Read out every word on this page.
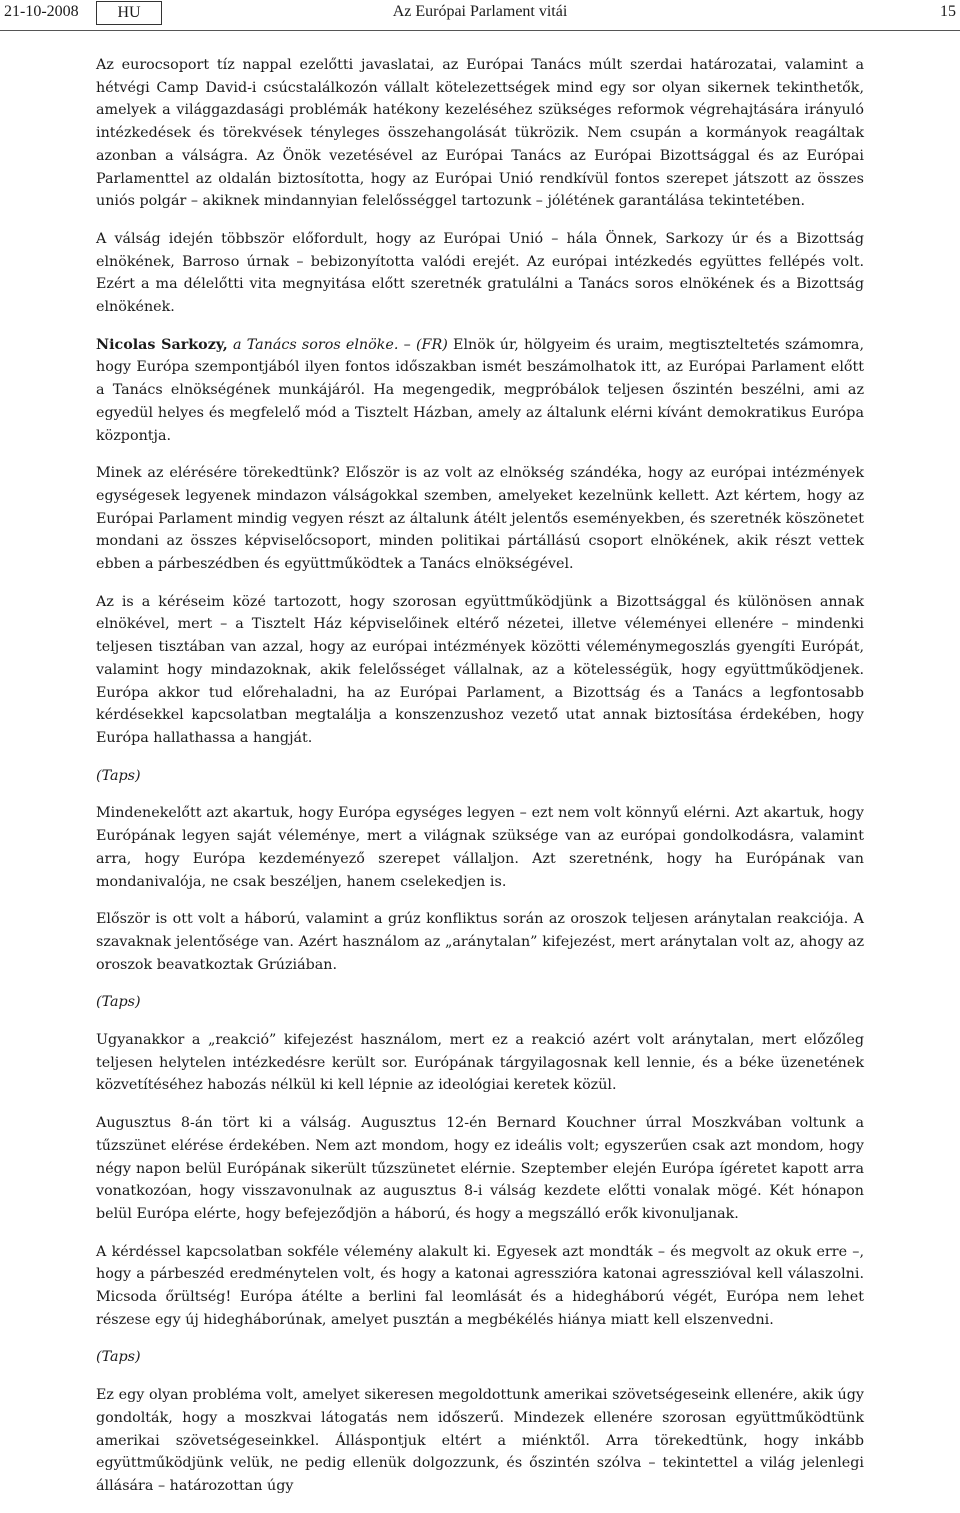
21-10-2008	HU	Az Európai Parlament vitái	15

Az eurocsoport tíz nappal ezelőtti javaslatai, az Európai Tanács múlt szerdai határozatai, valamint a hétvégi Camp David-i csúcstalálkozón vállalt kötelezettségek mind egy sor olyan sikernek tekinthetők, amelyek a világgazdasági problémák hatékony kezeléséhez szükséges reformok végrehajtására irányuló intézkedések és törekvések tényleges összehangolását tükrözik. Nem csupán a kormányok reagáltak azonban a válságra. Az Önök vezetésével az Európai Tanács az Európai Bizottsággal és az Európai Parlamenttel az oldalán biztosította, hogy az Európai Unió rendkívül fontos szerepet játszott az összes uniós polgár – akiknek mindannyian felelősséggel tartozunk – jólétének garantálása tekintetében.

A válság idején többször előfordult, hogy az Európai Unió – hála Önnek, Sarkozy úr és a Bizottság elnökének, Barroso úrnak – bebizonyította valódi erejét. Az európai intézkedés együttes fellépés volt. Ezért a ma délelőtti vita megnyitása előtt szeretnék gratulálni a Tanács soros elnökének és a Bizottság elnökének.

Nicolas Sarkozy, a Tanács soros elnöke. – (FR) Elnök úr, hölgyeim és uraim, megtiszteltetés számomra, hogy Európa szempontjából ilyen fontos időszakban ismét beszámolhatok itt, az Európai Parlament előtt a Tanács elnökségének munkájáról. Ha megengedik, megpróbálok teljesen őszintén beszélni, ami az egyedül helyes és megfelelő mód a Tisztelt Házban, amely az általunk elérni kívánt demokratikus Európa központja.

Minek az elérésére törekedtünk? Először is az volt az elnökség szándéka, hogy az európai intézmények egységesek legyenek mindazon válságokkal szemben, amelyeket kezelnünk kellett. Azt kértem, hogy az Európai Parlament mindig vegyen részt az általunk átélt jelentős eseményekben, és szeretnék köszönetet mondani az összes képviselőcsoport, minden politikai pártállású csoport elnökének, akik részt vettek ebben a párbeszédben és együttműködtek a Tanács elnökségével.

Az is a kéréseim közé tartozott, hogy szorosan együttműködjünk a Bizottsággal és különösen annak elnökével, mert – a Tisztelt Ház képviselőinek eltérő nézetei, illetve véleményei ellenére – mindenki teljesen tisztában van azzal, hogy az európai intézmények közötti véleménymegoszlás gyengíti Európát, valamint hogy mindazoknak, akik felelősséget vállalnak, az a kötelességük, hogy együttműködjenek. Európa akkor tud előrehaladni, ha az Európai Parlament, a Bizottság és a Tanács a legfontosabb kérdésekkel kapcsolatban megtalálja a konszenzushoz vezető utat annak biztosítása érdekében, hogy Európa hallathassa a hangját.

(Taps)

Mindenekelőtt azt akartuk, hogy Európa egységes legyen – ezt nem volt könnyű elérni. Azt akartuk, hogy Európának legyen saját véleménye, mert a világnak szüksége van az európai gondolkodásra, valamint arra, hogy Európa kezdeményező szerepet vállaljon. Azt szeretnénk, hogy ha Európának van mondanivalója, ne csak beszéljen, hanem cselekedjen is.

Először is ott volt a háború, valamint a grúz konfliktus során az oroszok teljesen aránytalan reakciója. A szavaknak jelentősége van. Azért használom az „aránytalan” kifejezést, mert aránytalan volt az, ahogy az oroszok beavatkoztak Grúziában.

(Taps)

Ugyanakkor a „reakció” kifejezést használom, mert ez a reakció azért volt aránytalan, mert előzőleg teljesen helytelen intézkedésre került sor. Európának tárgyilagosnak kell lennie, és a béke üzenetének közvetítéséhez habozás nélkül ki kell lépnie az ideológiai keretek közül.

Augusztus 8-án tört ki a válság. Augusztus 12-én Bernard Kouchner úrral Moszkvában voltunk a tűzszünet elérése érdekében. Nem azt mondom, hogy ez ideális volt; egyszerűen csak azt mondom, hogy négy napon belül Európának sikerült tűzszünetet elérnie. Szeptember elején Európa ígéretet kapott arra vonatkozóan, hogy visszavonulnak az augusztus 8-i válság kezdete előtti vonalak mögé. Két hónapon belül Európa elérte, hogy befejeződjön a háború, és hogy a megszálló erők kivonuljanak.

A kérdéssel kapcsolatban sokféle vélemény alakult ki. Egyesek azt mondták – és megvolt az okuk erre –, hogy a párbeszéd eredménytelen volt, és hogy a katonai agresszióra katonai agresszióval kell válaszolni. Micsoda őrültség! Európa átélte a berlini fal leomlását és a hidegháború végét, Európa nem lehet részese egy új hidegháborúnak, amelyet pusztán a megbékélés hiánya miatt kell elszenvedni.

(Taps)

Ez egy olyan probléma volt, amelyet sikeresen megoldottunk amerikai szövetségeseink ellenére, akik úgy gondolták, hogy a moszkvai látogatás nem időszerű. Mindezek ellenére szorosan együttműködtünk amerikai szövetségeseinkkel. Álláspontjuk eltért a miénktől. Arra törekedtünk, hogy inkább együttműködjünk velük, ne pedig ellenük dolgozzunk, és őszintén szólva – tekintettel a világ jelenlegi állására – határozottan úgy
